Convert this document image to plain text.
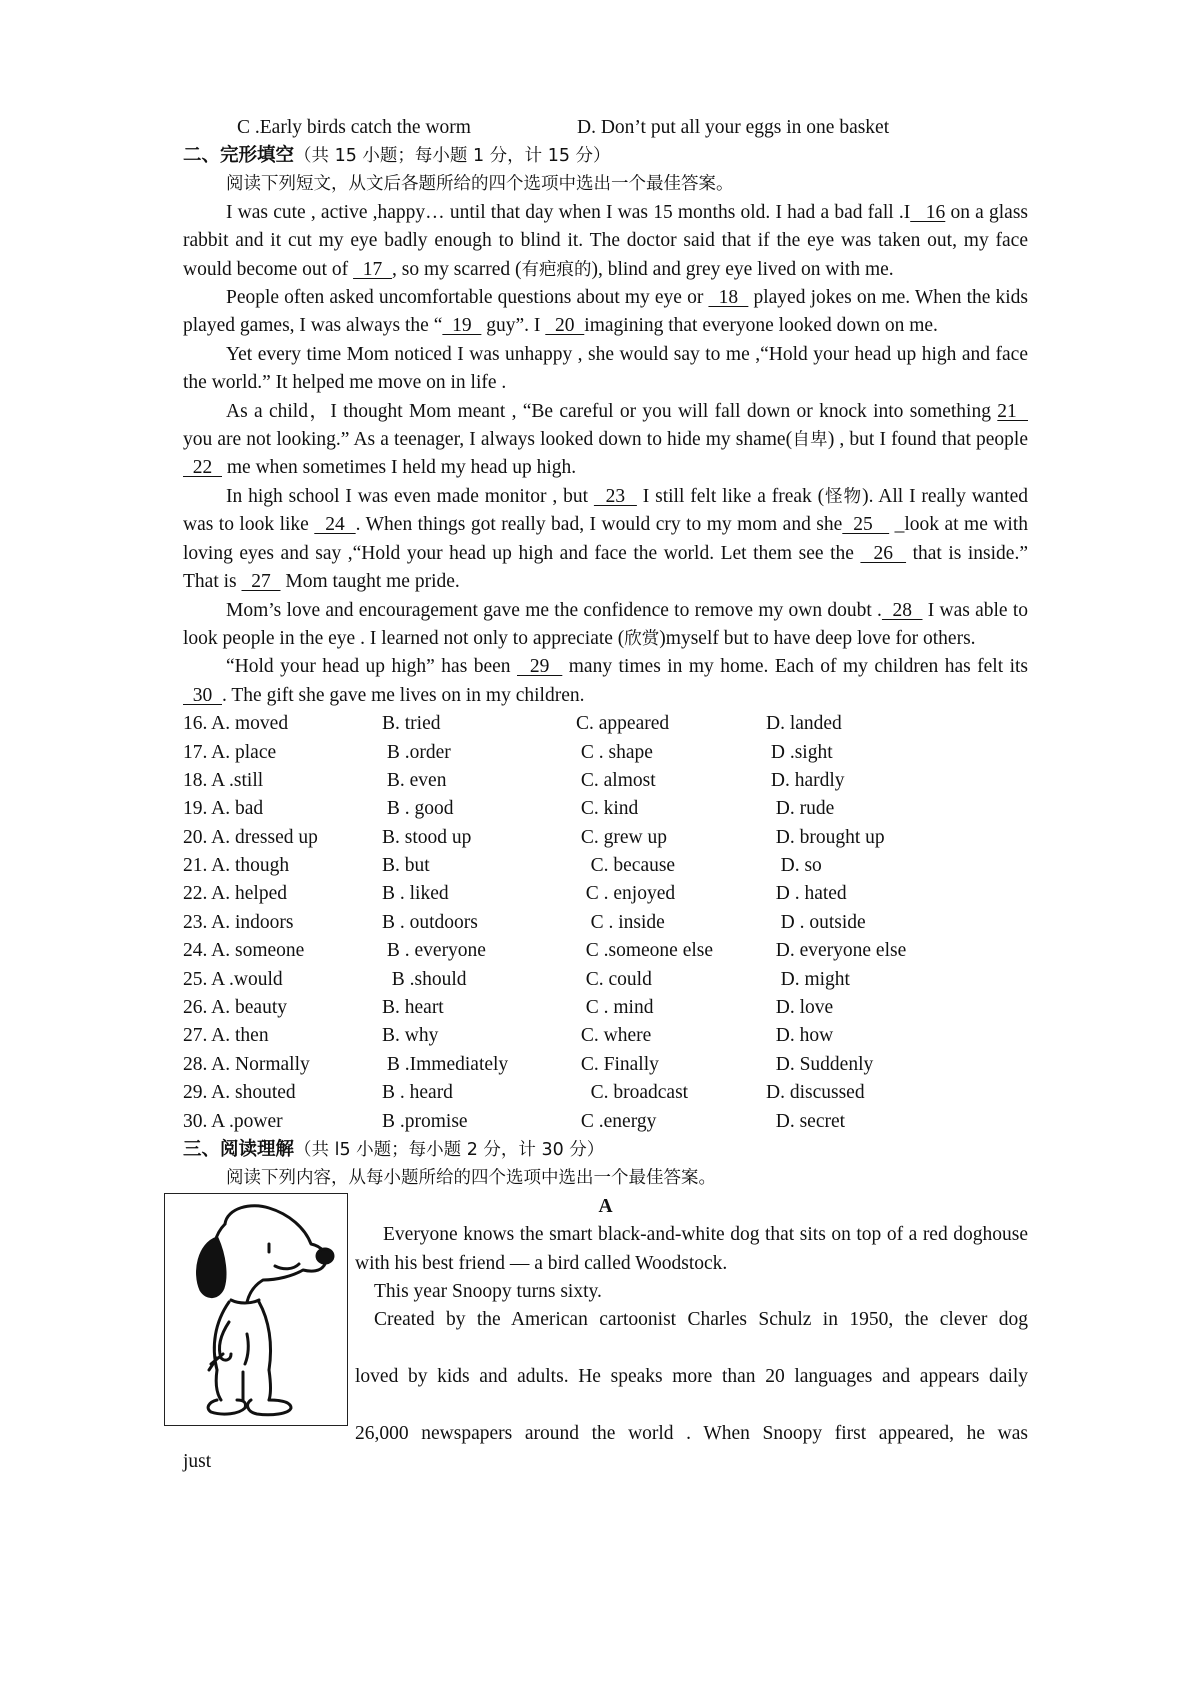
C .Early birds catch the worm	D. Don’t put all your eggs in one basket

二、完形填空（共 15 小题；每小题 1 分，计 15 分）

阅读下列短文，从文后各题所给的四个选项中选出一个最佳答案。

I was cute , active ,happy… until that day when I was 15 months old. I had a bad fall .I   16 on a glass rabbit and it cut my eye badly enough to blind it. The doctor said that if the eye was taken out, my face would become out of   17  , so my scarred (有疤痕的), blind and grey eye lived on with me.

People often asked uncomfortable questions about my eye or   18   played jokes on me. When the kids played games, I was always the “  19   guy”. I   20  imagining that everyone looked down on me.

Yet every time Mom noticed I was unhappy , she would say to me ,“Hold your head up high and face the world.” It helped me move on in life .

As a child，I thought Mom meant , “Be careful or you will fall down or knock into something 21   you are not looking.” As a teenager, I always looked down to hide my shame(自卑) , but I found that people   22   me when sometimes I held my head up high.

In high school I was even made monitor , but   23   I still felt like a freak (怪物). All I really wanted was to look like   24  . When things got really bad, I would cry to my mom and she  25    _look at me with loving eyes and say ,“Hold your head up high and face the world. Let them see the   26   that is inside.” That is   27   Mom taught me pride.

Mom’s love and encouragement gave me the confidence to remove my own doubt .  28   I was able to look people in the eye . I learned not only to appreciate (欣赏)myself but to have deep love for others.

“Hold your head up high” has been   29   many times in my home. Each of my children has felt its   30  . The gift she gave me lives on in my children.

16. A. moved	B. tried	C. appeared	D. landed
17. A. place	B .order	C . shape	D .sight
18. A .still	B. even	C. almost	D. hardly
19. A. bad	B . good	C. kind	D. rude
20. A. dressed up	B. stood up	C. grew up	D. brought up
21. A. though	B. but	C. because	D. so
22. A. helped	B . liked	C . enjoyed	D . hated
23. A. indoors	B . outdoors	C . inside	D . outside
24. A. someone	B . everyone	C .someone else	D. everyone else
25. A .would	B .should	C. could	D. might
26. A. beauty	B. heart	C . mind	D. love
27. A. then	B. why	C. where	D. how
28. A. Normally	B .Immediately	C. Finally	D. Suddenly
29. A. shouted	B . heard	C. broadcast	D. discussed
30. A .power	B .promise	C .energy	D. secret

三、阅读理解（共 l5 小题；每小题 2 分，计 30 分）

阅读下列内容，从每小题所给的四个选项中选出一个最佳答案。

A

Everyone knows the smart black-and-white dog that sits on top of a red doghouse with his best friend — a bird called Woodstock.

This year Snoopy turns sixty.

Created by the American cartoonist Charles Schulz in 1950, the clever dog

loved by kids and adults. He speaks more than 20 languages and appears daily

26,000 newspapers around the world . When Snoopy first appeared, he was

just
